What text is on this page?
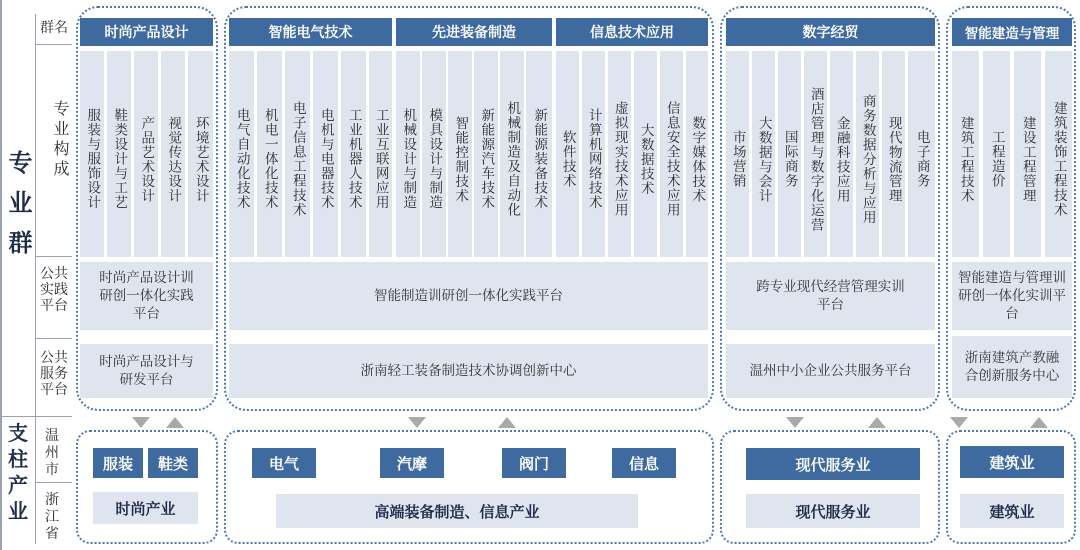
群名
专业群
专业构成
公共实践平台
公共服务平台
支柱产业
温州市
浙江省
时尚产品设计
服装与服饰设计 鞋类设计与工艺 产品艺术设计 视觉传达设计 环境艺术设计
时尚产品设计训研创一体化实践平台
时尚产品设计与研发平台
智能电气技术	先进装备制造	信息技术应用
电气自动化技术 机电一体化技术 电子信息工程技术 电机与电器技术 工业机器人技术 工业互联网应用 机械设计与制造 模具设计与制造 智能控制技术 新能源汽车技术 机械制造及自动化 新能源装备技术 软件技术 计算机网络技术 虚拟现实技术应用 大数据技术 信息安全技术应用 数字媒体技术
智能制造训研创一体化实践平台
浙南轻工装备制造技术协调创新中心
数字经贸
市场营销 大数据与会计 国际商务 酒店管理与数字化运营 金融科技应用 商务数据分析与应用 现代物流管理 电子商务
跨专业现代经营管理实训平台
温州中小企业公共服务平台
智能建造与管理
建筑工程技术 工程造价 建设工程管理 建筑装饰工程技术
智能建造与管理训研创一体化实训平台
浙南建筑产教融合创新服务中心
服装	鞋类
时尚产业
电气	汽摩	阀门	信息
高端装备制造、信息产业
现代服务业
现代服务业
建筑业
建筑业
